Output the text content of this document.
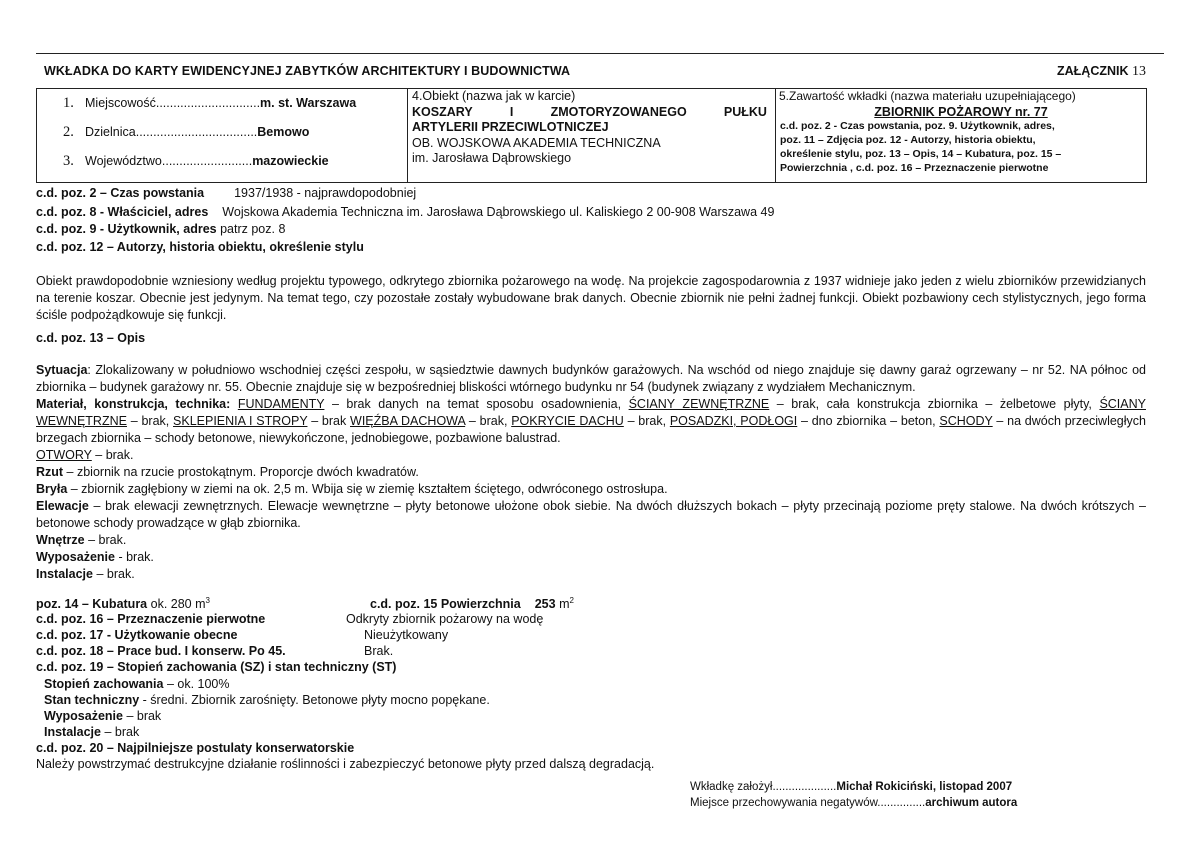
WKŁADKA DO KARTY EWIDENCYJNEJ ZABYTKÓW ARCHITEKTURY I BUDOWNICTWA	ZAŁĄCZNIK 13
1. Miejscowość .............................. m. st. Warszawa
2. Dzielnica ................................... Bemowo
3. Województwo .......................... mazowieckie

4.Obiekt (nazwa jak w karcie)
KOSZARY	I	ZMOTORYZOWANEGO	PUŁKU
ARTYLERII PRZECIWLOTNICZEJ
OB. WOJSKOWA AKADEMIA TECHNICZNA
im. Jarosława Dąbrowskiego

5.Zawartość wkładki (nazwa materiału uzupełniającego)
ZBIORNIK POŻAROWY nr. 77
c.d. poz. 2 - Czas powstania, poz. 9. Użytkownik, adres,
poz. 11 – Zdjęcia poz. 12 - Autorzy, historia obiektu,
określenie stylu, poz. 13 – Opis, 14 – Kubatura, poz. 15 –
Powierzchnia , c.d. poz. 16 – Przeznaczenie pierwotne
c.d. poz. 2 – Czas powstania 1937/1938 - najprawdopodobniej
c.d. poz. 8 - Właściciel, adres Wojskowa Akademia Techniczna im. Jarosława Dąbrowskiego ul. Kaliskiego 2 00-908 Warszawa 49
c.d. poz. 9 - Użytkownik, adres patrz poz. 8
c.d. poz. 12 – Autorzy, historia obiektu, określenie stylu
Obiekt prawdopodobnie wzniesiony według projektu typowego, odkrytego zbiornika pożarowego na wodę. Na projekcie zagospodarownia z 1937 widnieje jako jeden z wielu zbiorników przewidzianych na terenie koszar. Obecnie jest jedynym. Na temat tego, czy pozostałe zostały wybudowane brak danych. Obecnie zbiornik nie pełni żadnej funkcji. Obiekt pozbawiony cech stylistycznych, jego forma ściśle podpożądkowuje się funkcji.
c.d. poz. 13 – Opis
Sytuacja: Zlokalizowany w południowo wschodniej części zespołu, w sąsiedztwie dawnych budynków garażowych. Na wschód od niego znajduje się dawny garaż ogrzewany – nr 52. NA północ od zbiornika – budynek garażowy nr. 55. Obecnie znajduje się w bezpośredniej bliskości wtórnego budynku nr 54 (budynek związany z wydziałem Mechanicznym.
Materiał, konstrukcja, technika: FUNDAMENTY – brak danych na temat sposobu osadownienia, ŚCIANY ZEWNĘTRZNE – brak, cała konstrukcja zbiornika – żelbetowe płyty, ŚCIANY WEWNĘTRZNE – brak, SKLEPIENIA I STROPY – brak WIĘŹBA DACHOWA – brak, POKRYCIE DACHU – brak, POSADZKI, PODŁOGI – dno zbiornika – beton, SCHODY – na dwóch przeciwległych brzegach zbiornika – schody betonowe, niewykończone, jednobiegowe, pozbawione balustrad.
OTWORY – brak.
Rzut – zbiornik na rzucie prostokątnym. Proporcje dwóch kwadratów.
Bryła – zbiornik zagłębiony w ziemi na ok. 2,5 m. Wbija się w ziemię kształtem ściętego, odwróconego ostrosłupa.
Elewacje – brak elewacji zewnętrznych. Elewacje wewnętrzne – płyty betonowe ułożone obok siebie. Na dwóch dłuższych bokach – płyty przecinają poziome pręty stalowe. Na dwóch krótszych – betonowe schody prowadzące w głąb zbiornika.
Wnętrze – brak.
Wyposażenie - brak.
Instalacje – brak.
poz. 14 – Kubatura ok. 280 $m^3$	c.d. poz. 15 Powierzchnia 253 $m^2$
c.d. poz. 16 – Przeznaczenie pierwotne	Odkryty zbiornik pożarowy na wodę
c.d. poz. 17 - Użytkowanie obecne	Nieużytkowany
c.d. poz. 18 – Prace bud. I konserw. Po 45.	Brak.
c.d. poz. 19 – Stopień zachowania (SZ) i stan techniczny (ST)
Stopień zachowania – ok. 100%
Stan techniczny - średni. Zbiornik zarośnięty. Betonowe płyty mocno popękane.
Wyposażenie – brak
Instalacje – brak
c.d. poz. 20 – Najpilniejsze postulaty konserwatorskie
Należy powstrzymać destrukcyjne działanie roślinności i zabezpieczyć betonowe płyty przed dalszą degradacją.
Wkładkę założył....................Michał Rokiciński, listopad 2007
Miejsce przechowywania negatywów...............archiwum autora
